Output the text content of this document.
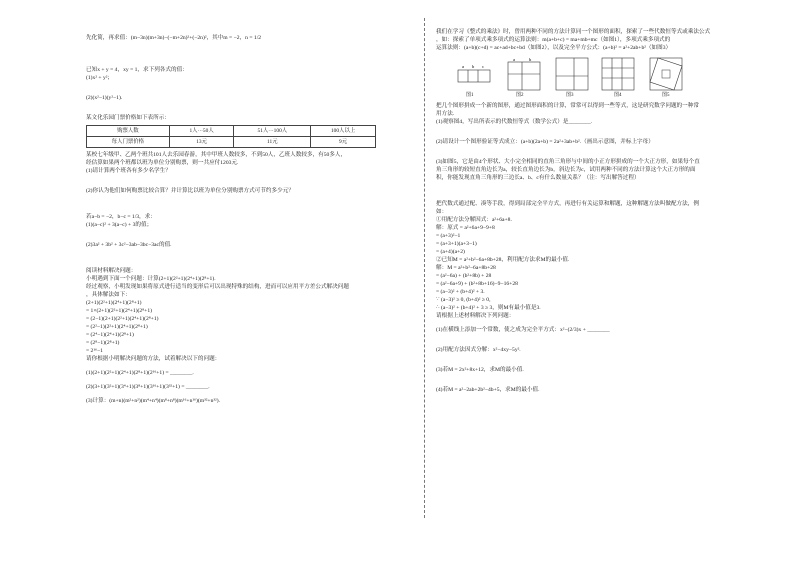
先化简，再求值：(m−3n)(m+3n)−(−m+2n)²+(−2n)²，其中m = −2，n = 1/2
已知x + y = 4，xy = 1，求下列各式的值：
(1)x² + y²；
(2)(x²−1)(y²−1).
某文化乐园门票价格如下表所示：
购票人数	1人···50人	51人···100人	100人以上
每人门票价格	13元	11元	9元
某校七年级甲、乙两个班共101人去乐园春游，其中甲班人数较多，不到50人，乙班人数较多，有50多人，
经估算如果两个班都以班为单位分别购票，则一共应付1203元.
(1)请计算两个班各有多少名学生？
(2)你认为他们如何购票比较合算？并计算比以班为单位分别购票方式可节约多少元？
若a−b = −2，b−c = 1/3，求：
(1)(a−c)² + 3(a−c) + 3的值；
(2)3a² + 3b² + 3c²−3ab−3bc−3ac的值.
阅读材料解决问题：
小明遇到下面一个问题：计算(2+1)(2²+1)(2⁴+1)(2⁸+1).
经过观察，小明发现如果将原式进行适当的变形后可以出现特殊的结构，进而可以应用平方差公式解决问题
，具体解法如下：
(2+1)(2²+1)(2⁴+1)(2⁸+1)
= 1×(2+1)(2²+1)(2⁴+1)(2⁸+1)
= (2−1)(2+1)(2²+1)(2⁴+1)(2⁸+1)
= (2²−1)(2²+1)(2⁴+1)(2⁸+1)
= (2⁴−1)(2⁴+1)(2⁸+1)
= (2⁸−1)(2⁸+1)
= 2¹⁶−1
请你根据小明解决问题的方法，试着解决以下的问题：
(1)(2+1)(2²+1)(2⁴+1)(2⁸+1)(2¹⁶+1) = ________.
(2)(3+1)(3²+1)(3⁴+1)(3⁸+1)(3¹⁶+1)(3³²+1) = ________.
(3)计算：(m+n)(m²+n²)(m⁴+n⁴)(m⁸+n⁸)(m¹⁶+n¹⁶)(m³²+n³²).
我们在学习《整式的乘法》时，曾用两种不同的方法计算同一个图形的面积，探索了一些代数恒等式或乘法公式
，如：探索了单项式乘多项式的运算法则：m(a+b+c) = ma+mb+mc（如图1），多项式乘多项式的
运算法则：(a+b)(c+d) = ac+ad+bc+bd（如图2），以及完全平方公式：(a+b)² = a²+2ab+b²（如图3）
a b c
图1
a	b
图2	图3	图4	图5
把几个图形拼成一个新的图形，通过图形面积的计算，常常可以得到一些等式，这是研究数学问题的一种常
用方法.
(1)观察图4，写出所表示的代数恒等式（数学公式）是________.
(2)请设计一个图形验证等式成立：(a+b)(2a+b) = 2a²+3ab+b².（画出示意图，并标上字母）
(3)如图5，它是由4个形状、大小完全相同的直角三角形与中间的小正方形拼成的一个大正方形，如果每个直
角三角形的较短直角边长为a，较长直角边长为b，斜边长为c，试用两种不同的方法计算这个大正方形的面
积，你能发现直角三角形的三边长a、b、c有什么数量关系？（注：写出解答过程）
把代数式通过配、凑等手段，得到局部完全平方式，再进行有关运算和解题，这种解题方法叫做配方法，例
如：
①用配方法分解因式：a²+6a+8.
解：原式 = a²+6a+9−9+8
= (a+3)²−1
= (a+3+1)(a+3−1)
= (a+4)(a+2)
②已知M = a²+b²−6a+8b+28，利用配方法求M的最小值.
解：M = a²+b²−6a+8b+28
= (a²−6a) + (b²+8b) + 28
= (a²−6a+9) + (b²+8b+16)−9−16+28
= (a−3)² + (b+4)² + 3.
∵ (a−3)² ≥ 0, (b+4)² ≥ 0,
∴ (a−3)² + (b+4)² + 3 ≥ 3，则M有最小值是3.
请根据上述材料解决下列问题：
(1)在横线上添加一个常数，使之成为完全平方式：x²−(2/3)x + ________
(2)用配方法因式分解：x²−4xy−5y².
(3)若M = 2x²+8x+12，求M的最小值.
(4)若M = a²−2ab+2b²−4b+5，求M的最小值.
